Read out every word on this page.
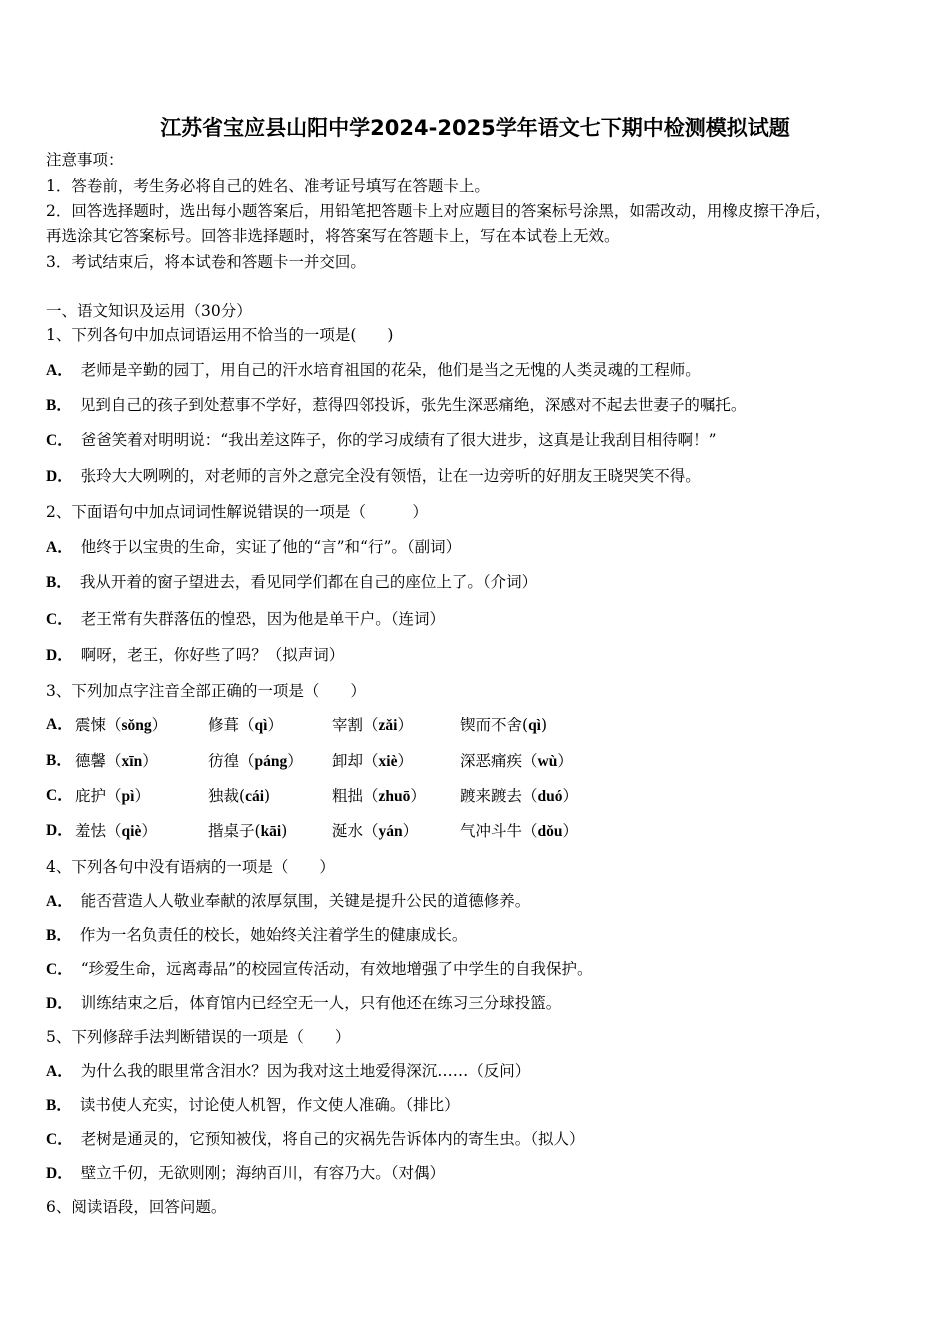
江苏省宝应县山阳中学2024-2025学年语文七下期中检测模拟试题
注意事项：
1．答卷前，考生务必将自己的姓名、准考证号填写在答题卡上。
2．回答选择题时，选出每小题答案后，用铅笔把答题卡上对应题目的答案标号涂黑，如需改动，用橡皮擦干净后，
再选涂其它答案标号。回答非选择题时，将答案写在答题卡上，写在本试卷上无效。
3．考试结束后，将本试卷和答题卡一并交回。
一、语文知识及运用（30分）
1、下列各句中加点词语运用不恰当的一项是(　　)
A． 老师是辛勤的园丁，用自己的汗水培育祖国的花朵，他们是当之无愧的人类灵魂的工程师。
B． 见到自己的孩子到处惹事不学好，惹得四邻投诉，张先生深恶痛绝，深感对不起去世妻子的嘱托。
C． 爸爸笑着对明明说：“我出差这阵子，你的学习成绩有了很大进步，这真是让我刮目相待啊！”
D． 张玲大大咧咧的，对老师的言外之意完全没有领悟，让在一边旁听的好朋友王晓哭笑不得。
2、下面语句中加点词词性解说错误的一项是（　　　）
A． 他终于以宝贵的生命，实证了他的“言”和“行”。（副词）
B． 我从开着的窗子望进去，看见同学们都在自己的座位上了。（介词）
C． 老王常有失群落伍的惶恐，因为他是单干户。（连词）
D． 啊呀，老王，你好些了吗？（拟声词）
3、下列加点字注音全部正确的一项是（　　）
A． 震悚（sǒng）	修葺（qì）	宰割（zǎi）	锲而不舍(qì)
B． 德馨（xīn）	彷徨（páng） 卸却（xiè）	深恶痛疾（wù）
C． 庇护（pì）	独裁(cái)	粗拙（zhuō） 踱来踱去（duó）
D． 羞怯（qiè）	揩桌子(kāi)	涎水（yán）	气冲斗牛（dǒu）
4、下列各句中没有语病的一项是（　　）
A． 能否营造人人敬业奉献的浓厚氛围，关键是提升公民的道德修养。
B． 作为一名负责任的校长，她始终关注着学生的健康成长。
C． “珍爱生命，远离毒品”的校园宣传活动，有效地增强了中学生的自我保护。
D． 训练结束之后，体育馆内已经空无一人，只有他还在练习三分球投篮。
5、下列修辞手法判断错误的一项是（　　）
A． 为什么我的眼里常含泪水？因为我对这土地爱得深沉……（反问）
B． 读书使人充实，讨论使人机智，作文使人准确。（排比）
C． 老树是通灵的，它预知被伐，将自己的灾祸先告诉体内的寄生虫。（拟人）
D． 壁立千仞，无欲则刚；海纳百川，有容乃大。（对偶）
6、阅读语段，回答问题。
